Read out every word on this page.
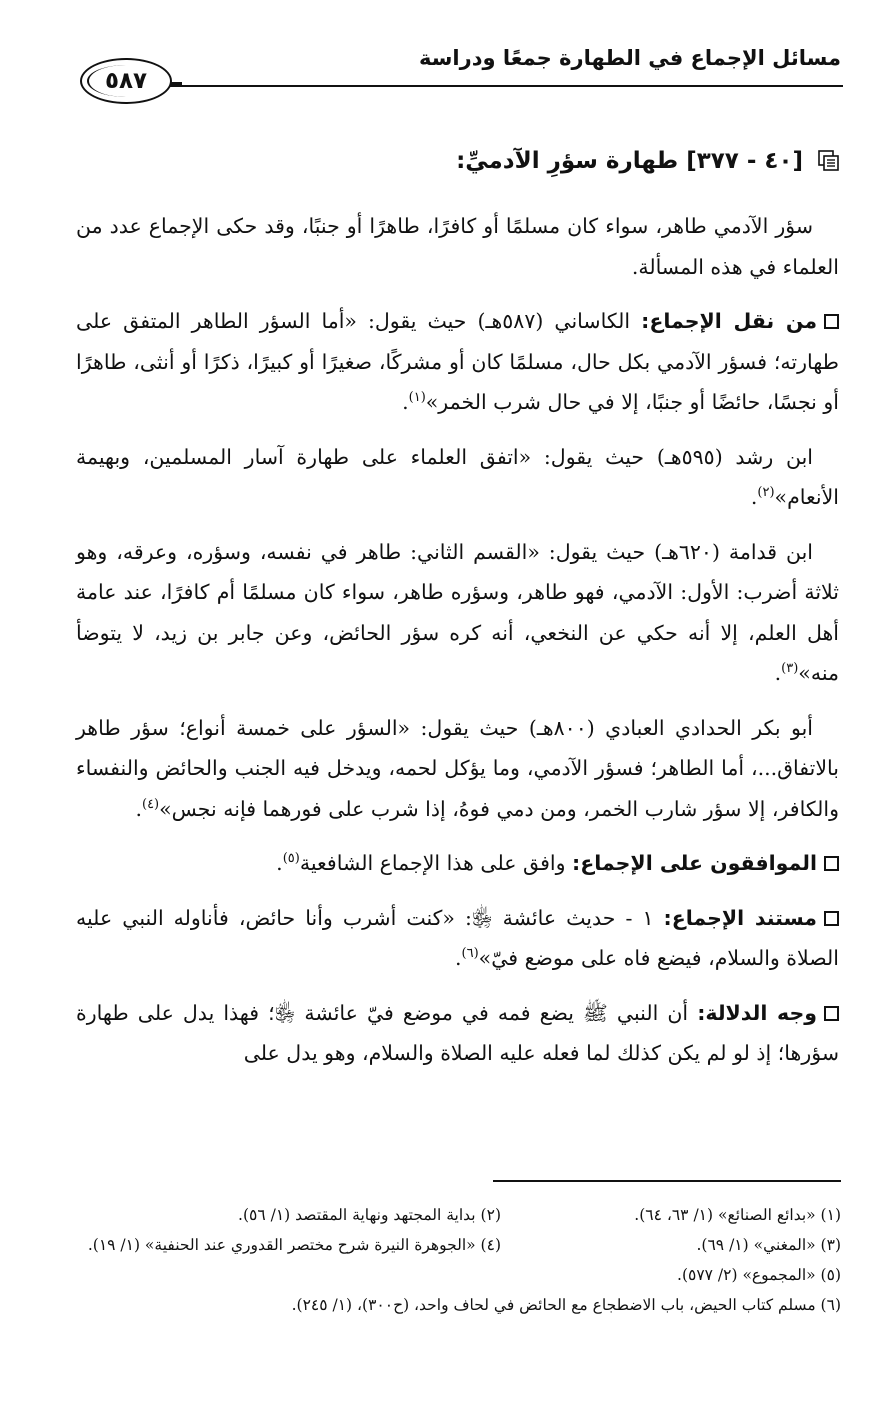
مسائل الإجماع في الطهارة جمعًا ودراسة
٥٨٧
[٤٠ - ٣٧٧] طهارة سؤرِ الآدميِّ:

سؤر الآدمي طاهر، سواء كان مسلمًا أو كافرًا، طاهرًا أو جنبًا، وقد حكى الإجماع عدد من العلماء في هذه المسألة.

من نقل الإجماع: الكاساني (٥٨٧هـ) حيث يقول: «أما السؤر الطاهر المتفق على طهارته؛ فسؤر الآدمي بكل حال، مسلمًا كان أو مشركًا، صغيرًا أو كبيرًا، ذكرًا أو أنثى، طاهرًا أو نجسًا، حائضًا أو جنبًا، إلا في حال شرب الخمر»$^{(١)}$.

ابن رشد (٥٩٥هـ) حيث يقول: «اتفق العلماء على طهارة آسار المسلمين، وبهيمة الأنعام»$^{(٢)}$.

ابن قدامة (٦٢٠هـ) حيث يقول: «القسم الثاني: طاهر في نفسه، وسؤره، وعرقه، وهو ثلاثة أضرب: الأول: الآدمي، فهو طاهر، وسؤره طاهر، سواء كان مسلمًا أم كافرًا، عند عامة أهل العلم، إلا أنه حكي عن النخعي، أنه كره سؤر الحائض، وعن جابر بن زيد، لا يتوضأ منه»$^{(٣)}$.

أبو بكر الحدادي العبادي (٨٠٠هـ) حيث يقول: «السؤر على خمسة أنواع؛ سؤر طاهر بالاتفاق...، أما الطاهر؛ فسؤر الآدمي، وما يؤكل لحمه، ويدخل فيه الجنب والحائض والنفساء والكافر، إلا سؤر شارب الخمر، ومن دمي فوهُ، إذا شرب على فورهما فإنه نجس»$^{(٤)}$.

الموافقون على الإجماع: وافق على هذا الإجماع الشافعية$^{(٥)}$.

مستند الإجماع: ١ - حديث عائشة ﵂: «كنت أشرب وأنا حائض، فأناوله النبي عليه الصلاة والسلام، فيضع فاه على موضع فيّ»$^{(٦)}$.

وجه الدلالة: أن النبي ﷺ يضع فمه في موضع فيّ عائشة ﵂؛ فهذا يدل على طهارة سؤرها؛ إذ لو لم يكن كذلك لما فعله عليه الصلاة والسلام، وهو يدل على

(١) «بدائع الصنائع» (١/ ٦٣، ٦٤).
(٢) بداية المجتهد ونهاية المقتصد (١/ ٥٦).
(٣) «المغني» (١/ ٦٩).
(٤) «الجوهرة النيرة شرح مختصر القدوري عند الحنفية» (١/ ١٩).
(٥) «المجموع» (٢/ ٥٧٧).
(٦) مسلم كتاب الحيض، باب الاضطجاع مع الحائض في لحاف واحد، (ح٣٠٠)، (١/ ٢٤٥).
